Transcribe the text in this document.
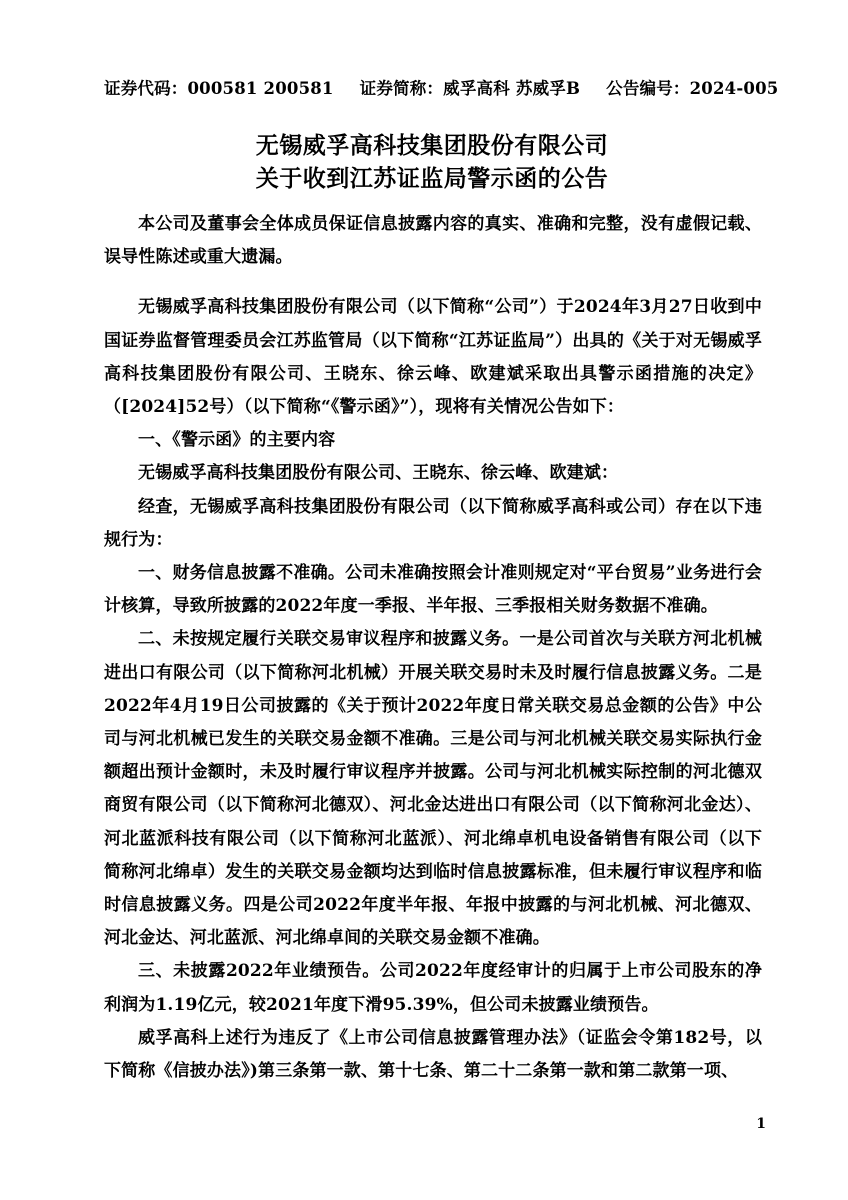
证券代码：000581 200581 证券简称：威孚高科 苏威孚B 公告编号：2024-005
无锡威孚高科技集团股份有限公司
关于收到江苏证监局警示函的公告

本公司及董事会全体成员保证信息披露内容的真实、准确和完整，没有虚假记载、误导性陈述或重大遗漏。

无锡威孚高科技集团股份有限公司（以下简称“公司”）于2024年3月27日收到中国证券监督管理委员会江苏监管局（以下简称“江苏证监局”）出具的《关于对无锡威孚高科技集团股份有限公司、王晓东、徐云峰、欧建斌采取出具警示函措施的决定》（[2024]52号）（以下简称“《警示函》”），现将有关情况公告如下：

一、《警示函》的主要内容

无锡威孚高科技集团股份有限公司、王晓东、徐云峰、欧建斌：

经查，无锡威孚高科技集团股份有限公司（以下简称威孚高科或公司）存在以下违规行为：

一、财务信息披露不准确。公司未准确按照会计准则规定对“平台贸易”业务进行会计核算，导致所披露的2022年度一季报、半年报、三季报相关财务数据不准确。

二、未按规定履行关联交易审议程序和披露义务。一是公司首次与关联方河北机械进出口有限公司（以下简称河北机械）开展关联交易时未及时履行信息披露义务。二是2022年4月19日公司披露的《关于预计2022年度日常关联交易总金额的公告》中公司与河北机械已发生的关联交易金额不准确。三是公司与河北机械关联交易实际执行金额超出预计金额时，未及时履行审议程序并披露。公司与河北机械实际控制的河北德双商贸有限公司（以下简称河北德双）、河北金达进出口有限公司（以下简称河北金达）、河北蓝派科技有限公司（以下简称河北蓝派）、河北绵卓机电设备销售有限公司（以下简称河北绵卓）发生的关联交易金额均达到临时信息披露标准，但未履行审议程序和临时信息披露义务。四是公司2022年度半年报、年报中披露的与河北机械、河北德双、河北金达、河北蓝派、河北绵卓间的关联交易金额不准确。

三、未披露2022年业绩预告。公司2022年度经审计的归属于上市公司股东的净利润为1.19亿元，较2021年度下滑95.39%，但公司未披露业绩预告。

威孚高科上述行为违反了《上市公司信息披露管理办法》（证监会令第182号，以下简称《信披办法》)第三条第一款、第十七条、第二十二条第一款和第二款第一项、

1
